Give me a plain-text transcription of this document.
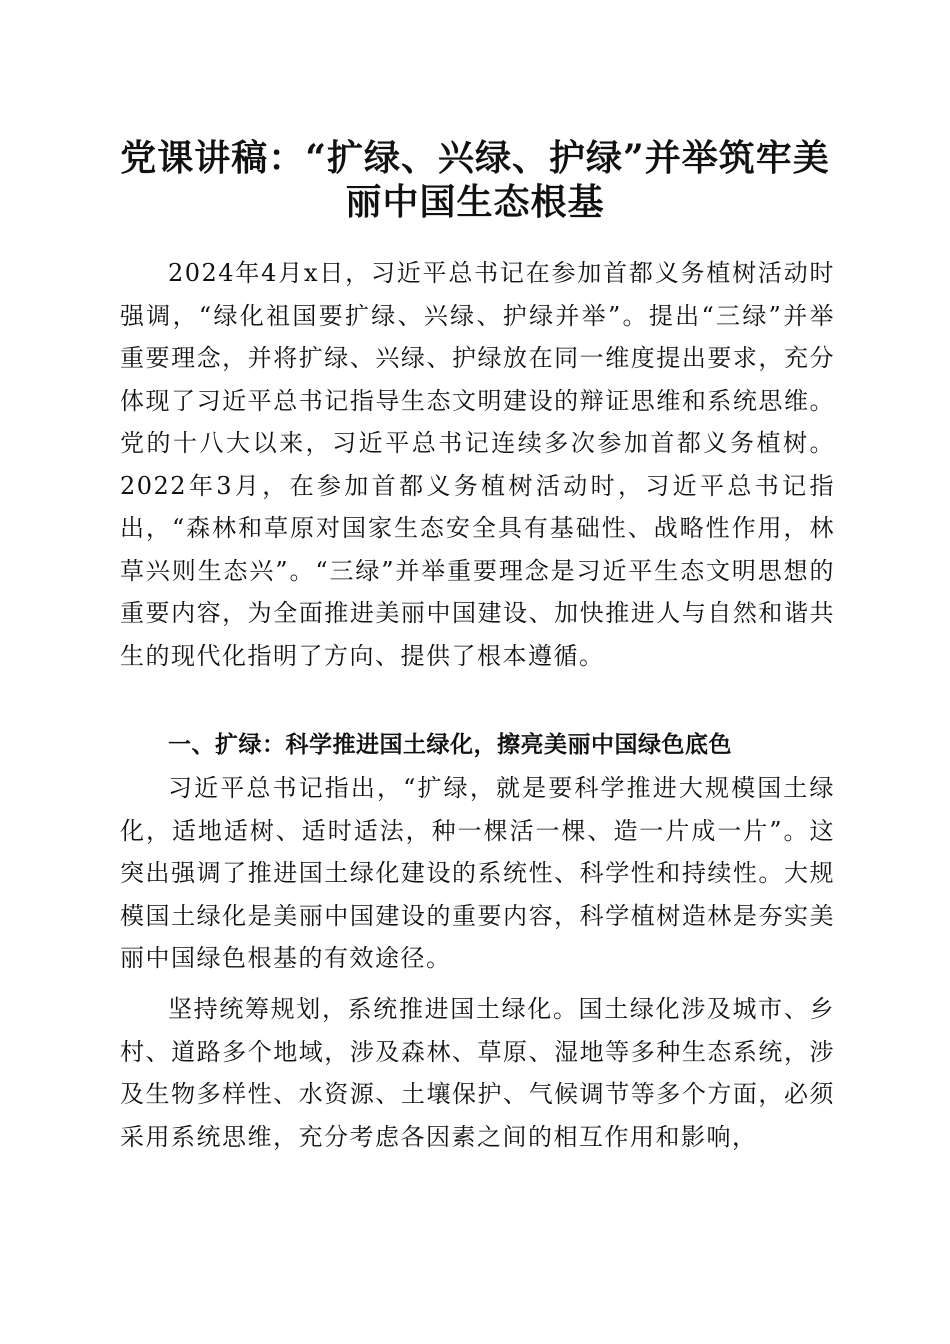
党课讲稿：“扩绿、兴绿、护绿”并举筑牢美丽中国生态根基

2024年4月x日，习近平总书记在参加首都义务植树活动时强调，“绿化祖国要扩绿、兴绿、护绿并举”。提出“三绿”并举重要理念，并将扩绿、兴绿、护绿放在同一维度提出要求，充分体现了习近平总书记指导生态文明建设的辩证思维和系统思维。党的十八大以来，习近平总书记连续多次参加首都义务植树。2022年3月，在参加首都义务植树活动时，习近平总书记指出，“森林和草原对国家生态安全具有基础性、战略性作用，林草兴则生态兴”。“三绿”并举重要理念是习近平生态文明思想的重要内容，为全面推进美丽中国建设、加快推进人与自然和谐共生的现代化指明了方向、提供了根本遵循。

一、扩绿：科学推进国土绿化，擦亮美丽中国绿色底色

习近平总书记指出，“扩绿，就是要科学推进大规模国土绿化，适地适树、适时适法，种一棵活一棵、造一片成一片”。这突出强调了推进国土绿化建设的系统性、科学性和持续性。大规模国土绿化是美丽中国建设的重要内容，科学植树造林是夯实美丽中国绿色根基的有效途径。

坚持统筹规划，系统推进国土绿化。国土绿化涉及城市、乡村、道路多个地域，涉及森林、草原、湿地等多种生态系统，涉及生物多样性、水资源、土壤保护、气候调节等多个方面，必须采用系统思维，充分考虑各因素之间的相互作用和影响，
